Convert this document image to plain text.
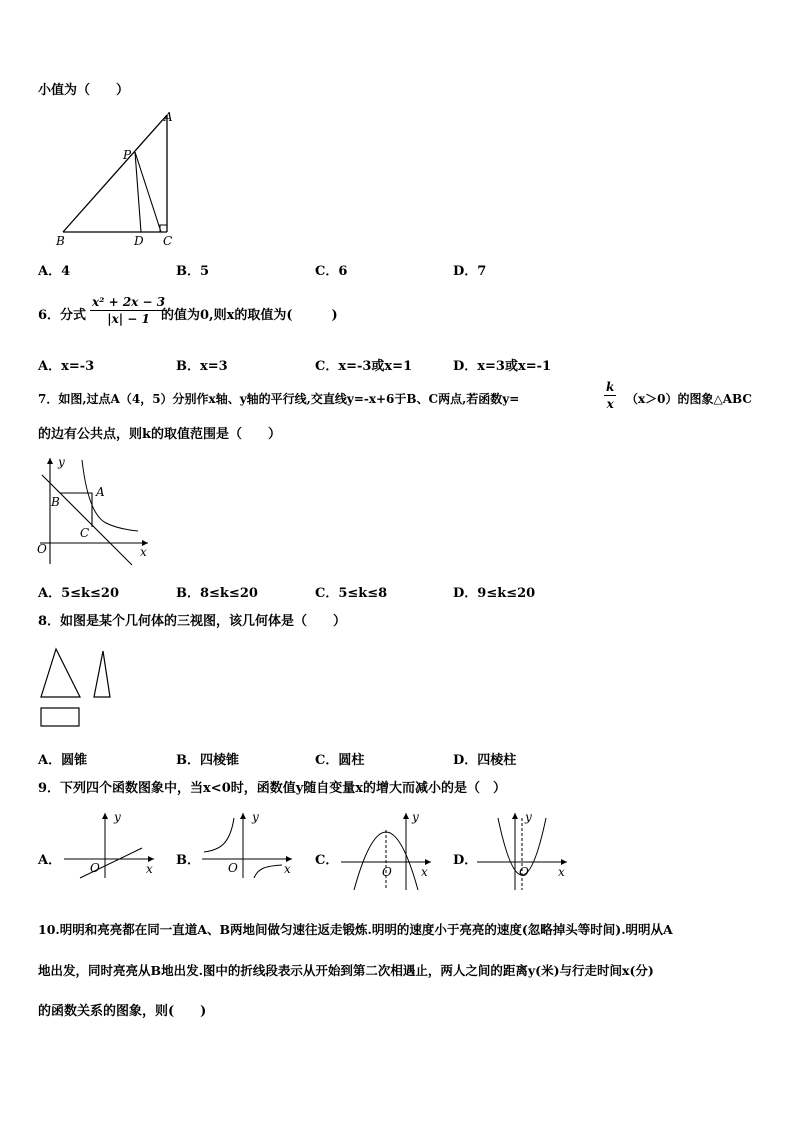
小值为（　　）
A
P
B	D C
A．4	B．5	C．6	D．7
6．分式 $\frac{\text{x² + 2x − 3}}{|x| - 1}$
的值为0,则x的取值为(　　　)
A．x=-3	B．x=3	C．x=-3或x=1	D．x=3或x=-1
7．如图,过点A（4，5）分别作x轴、y轴的平行线,交直线y=-x+6于B、C两点,若函数y=	$\frac{k}{x} (x>0)$的图象△ABC
的边有公共点，则k的取值范围是（　　）
y
A
B
C
O	x
A．5≤k≤20	B．8≤k≤20	C．5≤k≤8	D．9≤k≤20
8．如图是某个几何体的三视图，该几何体是（　　）
A．圆锥	B．四棱锥	C．圆柱	D．四棱柱
9．下列四个函数图象中，当x<0时，函数值y随自变量x的增大而减小的是（　）
A．
y
O	x
B．
y
O	x
C．
y
O x
D．
y
O x
10.明明和亮亮都在同一直道A、B两地间做匀速往返走锻炼.明明的速度小于亮亮的速度(忽略掉头等时间).明明从A
地出发，同时亮亮从B地出发.图中的折线段表示从开始到第二次相遇止，两人之间的距离y(米)与行走时间x(分)
的函数关系的图象，则(　　)
